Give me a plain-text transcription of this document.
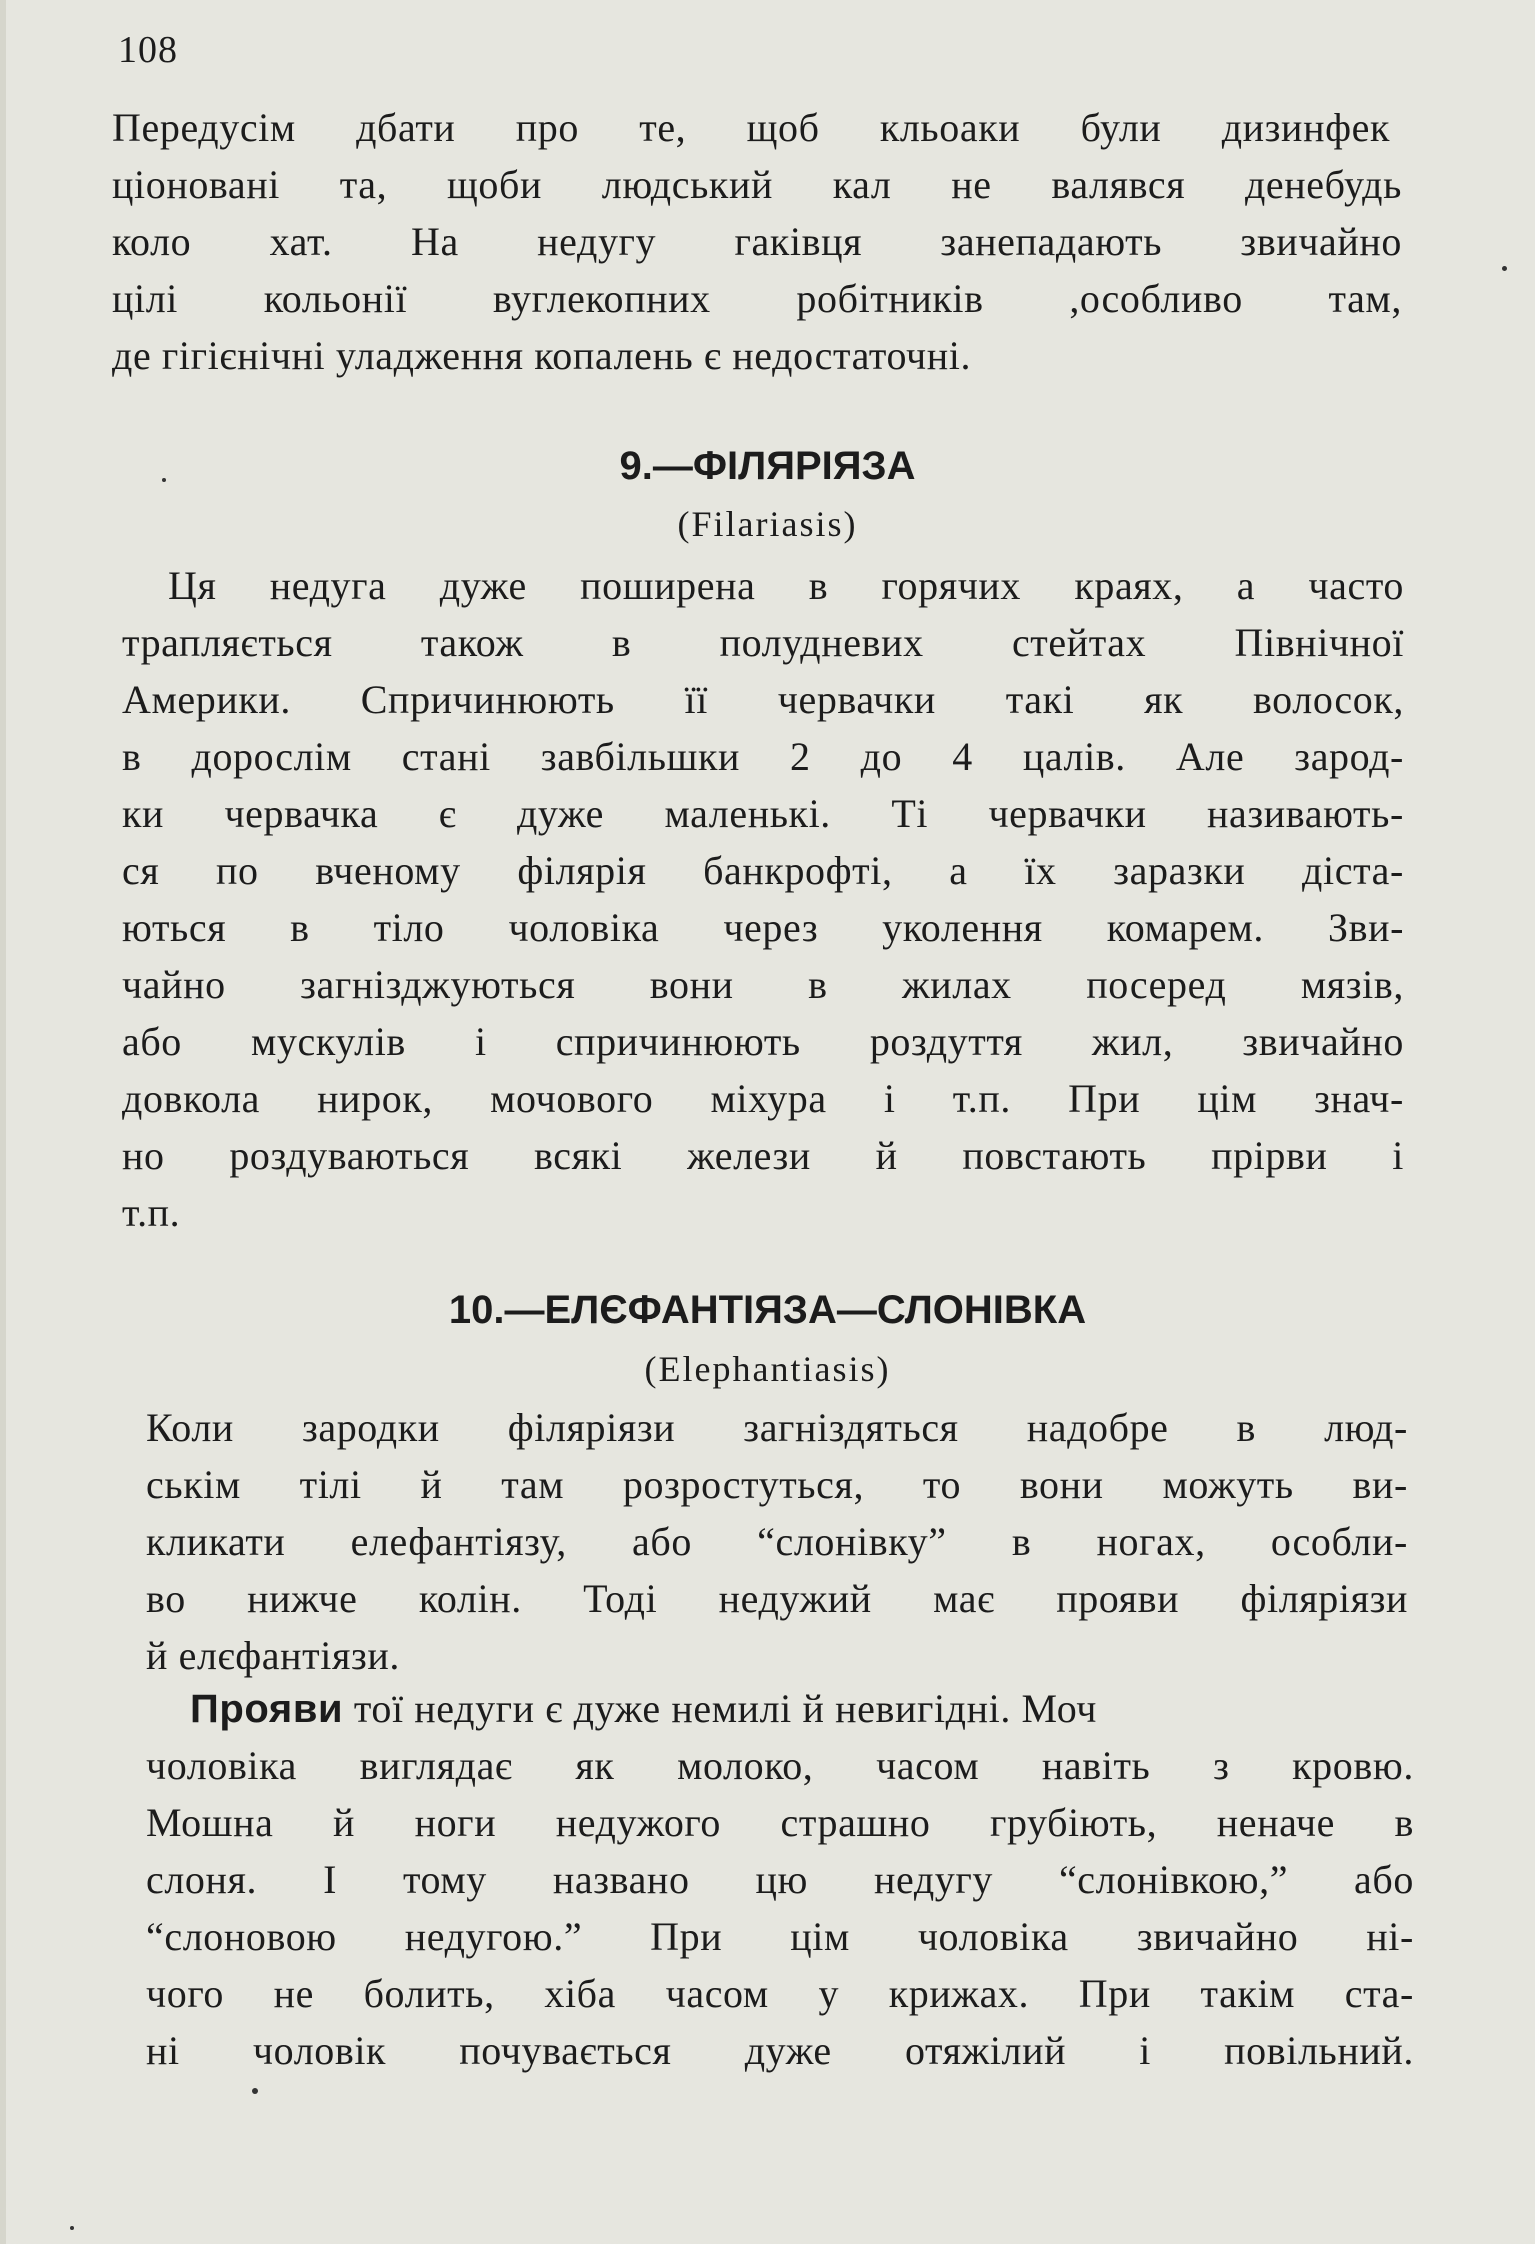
108
Передусім дбати про те, щоб кльоаки були дизинфек
ціоновані та, щоби людський кал не валявся денебудь
коло хат. На недугу гаківця занепадають звичайно
цілі кольонії вуглекопних робітників ,особливо там,
де гігієнічні уладження копалень є недостаточні.
9.—ФІЛЯРІЯЗА
(Filariasis)
Ця недуга дуже поширена в горячих краях, а часто
трапляється також в полудневих стейтах Північної
Америки. Спричинюють її червачки такі як волосок,
в дорослім стані завбільшки 2 до 4 цалів. Але зарод-
ки червачка є дуже маленькі. Ті червачки називають-
ся по вченому філярія банкрофті, а їх заразки діста-
ються в тіло чоловіка через уколення комарем. Зви-
чайно загнізджуються вони в жилах посеред мязів,
або мускулів і спричинюють роздуття жил, звичайно
довкола нирок, мочового міхура і т.п. При цім знач-
но роздуваються всякі желези й повстають прірви і
т.п.
10.—ЕЛЄФАНТІЯЗА—СЛОНІВКА
(Elephantiasis)
Коли зародки філяріязи загніздяться надобре в люд-
ськім тілі й там розростуться, то вони можуть ви-
кликати елефантіязу, або “слонівку” в ногах, особли-
во нижче колін. Тоді недужий має прояви філяріязи
й елєфантіязи.
Прояви тої недуги є дуже немилі й невигідні. Моч
чоловіка виглядає як молоко, часом навіть з кровю.
Мошна й ноги недужого страшно грубіють, неначе в
слоня. І тому названо цю недугу “слонівкою,” або
“слоновою недугою.” При цім чоловіка звичайно ні-
чого не болить, хіба часом у крижах. При такім ста-
ні чоловік почувається дуже отяжілий і повільний.
